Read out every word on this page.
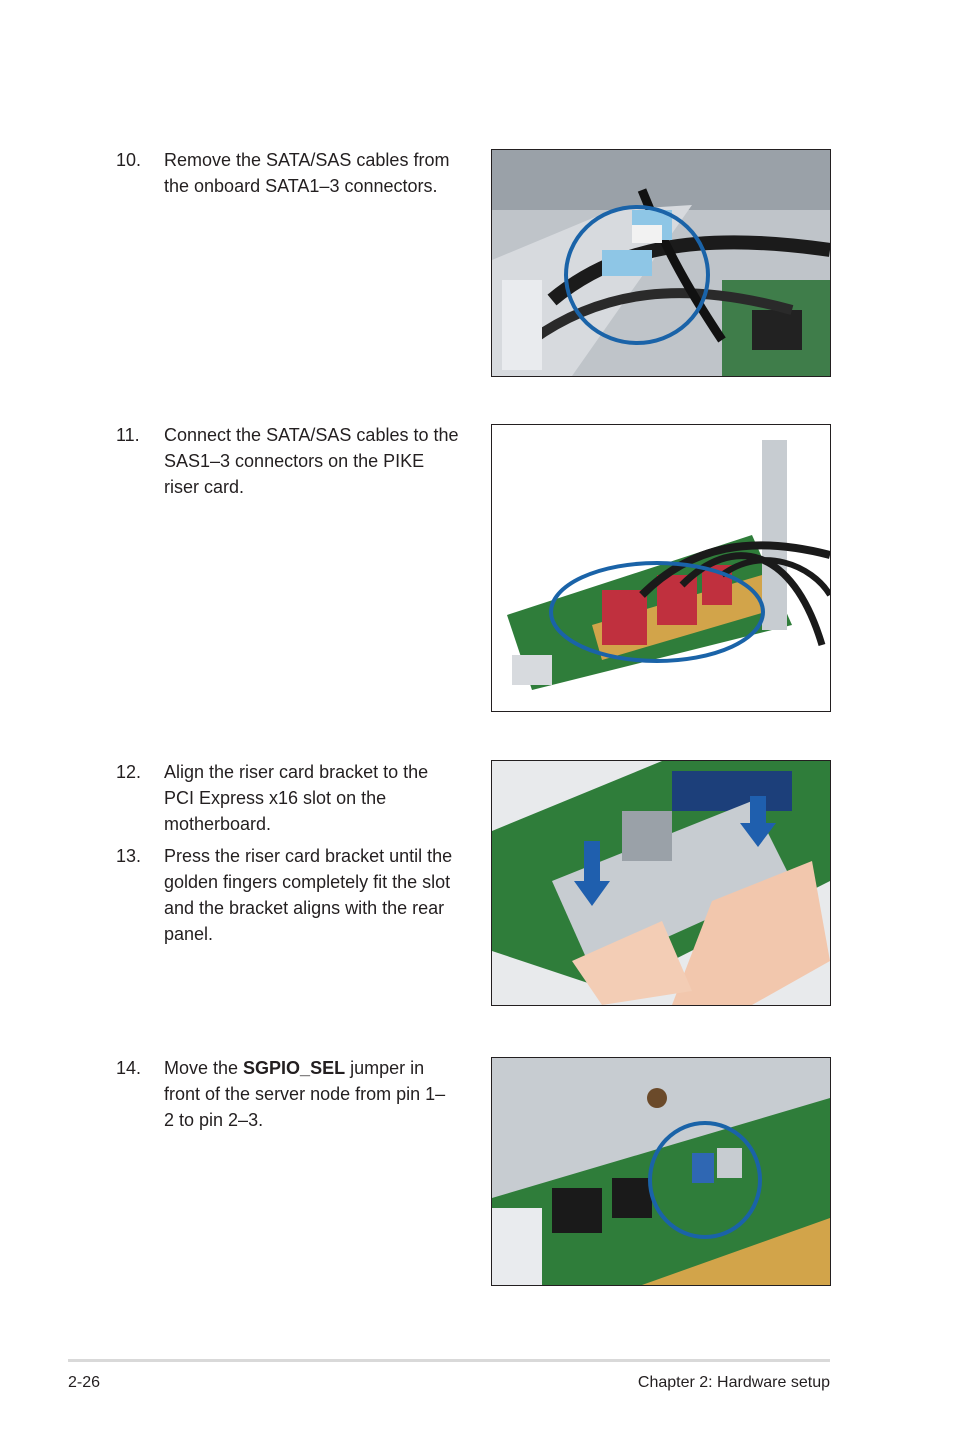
10. Remove the SATA/SAS cables from the onboard SATA1–3 connectors.
11. Connect the SATA/SAS cables to the SAS1–3 connectors on the PIKE riser card.
12. Align the riser card bracket to the PCI Express x16 slot on the motherboard.
13. Press the riser card bracket until the golden fingers completely fit the slot and the bracket aligns with the rear panel.
14. Move the SGPIO_SEL jumper in front of the server node from pin 1–2 to pin 2–3.
2-26	Chapter 2: Hardware setup
